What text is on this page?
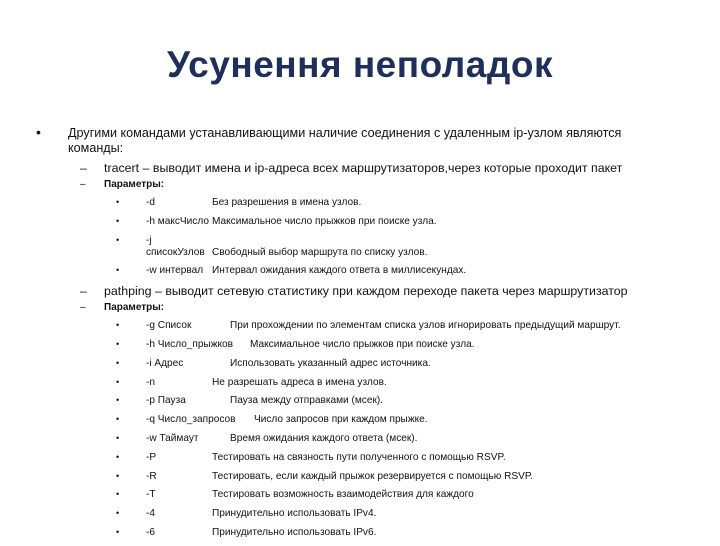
Усунення неполадок
• Другими командами устанавливающими наличие соединения с удаленным ip-узлом являются команды:
– tracert – выводит имена и ip-адреса всех маршрутизаторов,через которые проходит пакет
– Параметры:
•	-d	Без разрешения в имена узлов.
•	-h максЧисло Максимальное число прыжков при поиске узла.
•	-j списокУзлов Свободный выбор маршрута по списку узлов.
•	-w интервал Интервал ожидания каждого ответа в миллисекундах.
– pathping – выводит сетевую статистику при каждом переходе пакета через маршрутизатор
– Параметры:
•	-g Список	При прохождении по элементам списка узлов игнорировать предыдущий маршрут.
•	-h Число_прыжков Максимальное число прыжков при поиске узла.
•	-i Адрес	Использовать указанный адрес источника.
•	-n	Не разрешать адреса в имена узлов.
•	-p Пауза	Пауза между отправками (мсек).
•	-q Число_запросов Число запросов при каждом прыжке.
•	-w Таймаут	Время ожидания каждого ответа (мсек).
•	-P	Тестировать на связность пути полученного с помощью RSVP.
•	-R	Тестировать, если каждый прыжок резервируется с помощью RSVP.
•	-T	Тестировать возможность взаимодействия для каждого
•	-4	Принудительно использовать IPv4.
•	-6	Принудительно использовать IPv6.
